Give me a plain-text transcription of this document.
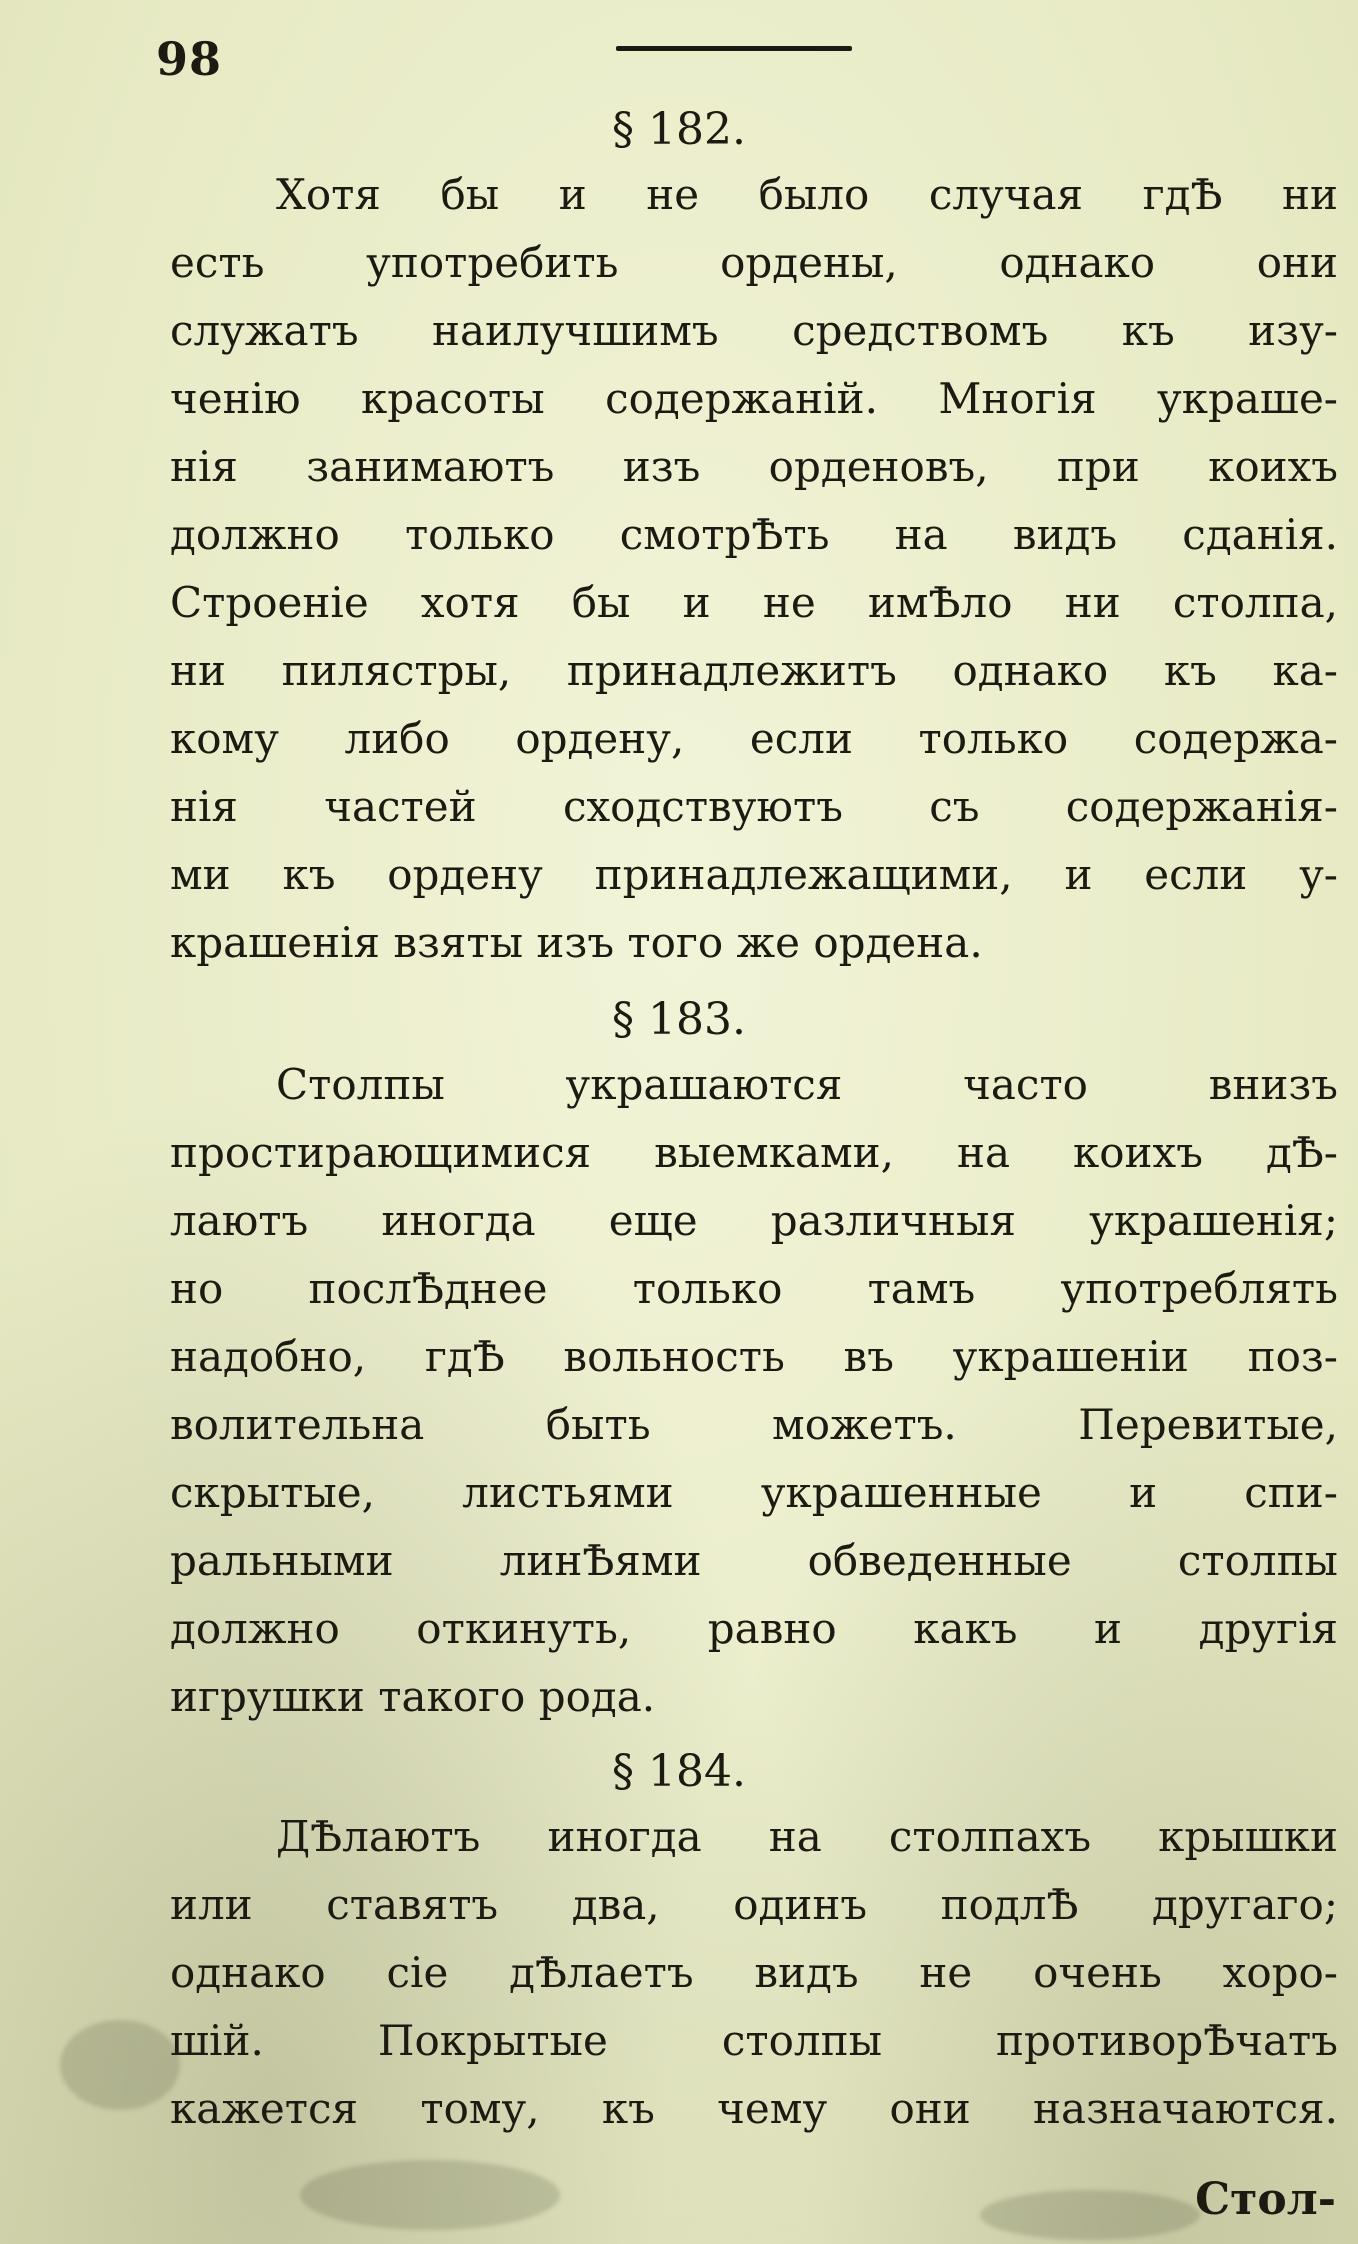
98
§ 182.
Хотя бы и не было случая гдѢ ни
есть употребить ордены, однако они
служатъ наилучшимъ средствомъ къ изу-
ченію красоты содержаній. Многія украше-
нія занимаютъ изъ орденовъ, при коихъ
должно только смотрѢть на видъ сданія.
Строеніе хотя бы и не имѢло ни столпа,
ни пилястры, принадлежитъ однако къ ка-
кому либо ордену, если только содержа-
нія частей сходствуютъ съ содержанія-
ми къ ордену принадлежащими, и если у-
крашенія взяты изъ того же ордена.
§ 183.
Столпы украшаются часто внизъ
простирающимися выемками, на коихъ дѢ-
лаютъ иногда еще различныя украшенія;
но послѢднее только тамъ употреблять
надобно, гдѢ вольность въ украшеніи поз-
волительна быть можетъ. Перевитые,
скрытые, листьями украшенные и спи-
ральными линѢями обведенные столпы
должно откинуть, равно какъ и другія
игрушки такого рода.
§ 184.
ДѢлаютъ иногда на столпахъ крышки
или ставятъ два, одинъ подлѢ другаго;
однако сіе дѢлаетъ видъ не очень хоро-
шій. Покрытые столпы противорѢчатъ
кажется тому, къ чему они назначаются.
Стол-
